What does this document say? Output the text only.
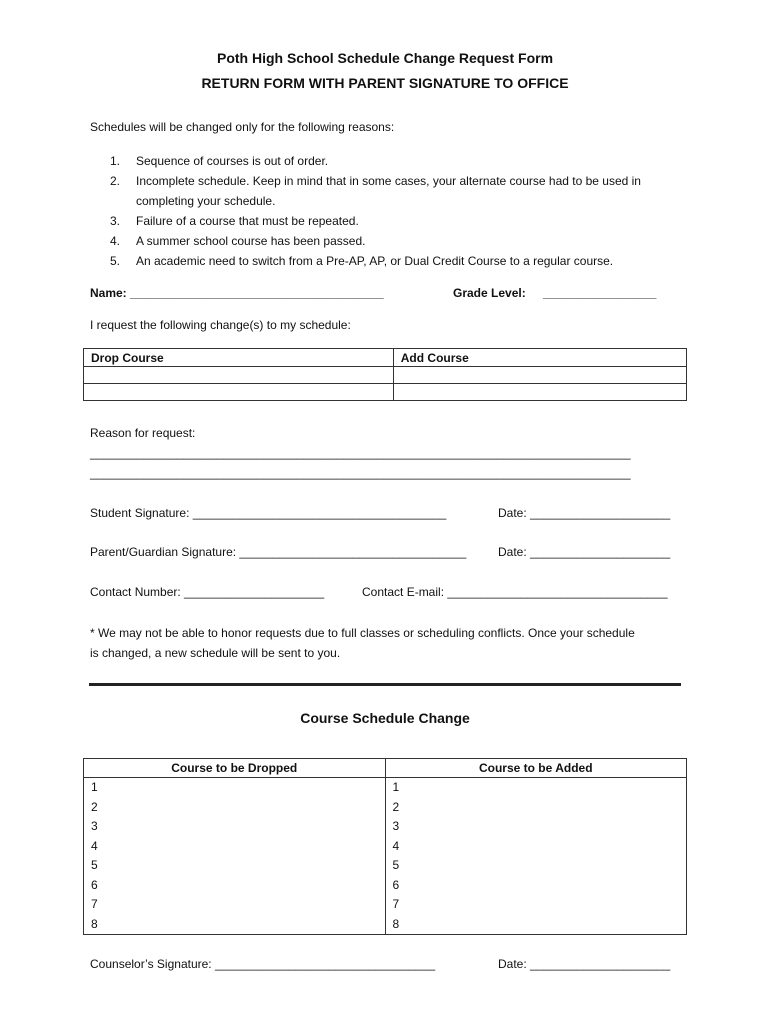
Poth High School Schedule Change Request Form
RETURN FORM WITH PARENT SIGNATURE TO OFFICE
Schedules will be changed only for the following reasons:
1. Sequence of courses is out of order.
2. Incomplete schedule. Keep in mind that in some cases, your alternate course had to be used in
completing your schedule.
3. Failure of a course that must be repeated.
4. A summer school course has been passed.
5. An academic need to switch from a Pre-AP, AP, or Dual Credit Course to a regular course.
Name: ______________________________________	Grade Level: _________________
I request the following change(s) to my schedule:
Drop Course	Add Course

Reason for request:
_________________________________________________________________________________
_________________________________________________________________________________
Student Signature: ______________________________________	Date: _____________________
Parent/Guardian Signature: __________________________________	Date: _____________________
Contact Number: _____________________	Contact E-mail: _________________________________
* We may not be able to honor requests due to full classes or scheduling conflicts. Once your schedule
is changed, a new schedule will be sent to you.
Course Schedule Change
Course to be Dropped	Course to be Added
1	1
2	2
3	3
4	4
5	5
6	6
7	7
8	8
Counselor’s Signature: _________________________________	Date: _____________________
